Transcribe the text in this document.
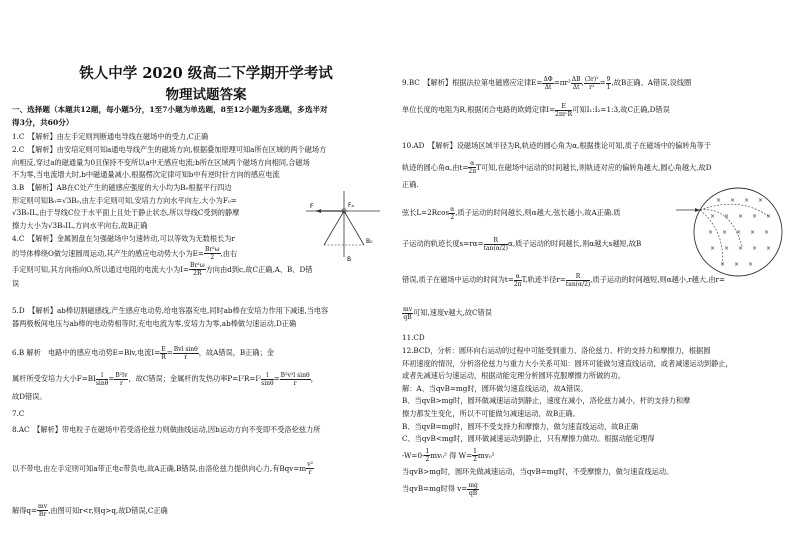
铁人中学 2020 级高二下学期开学考试
物理试题答案
一、选择题（本题共12题，每小题5分，1至7小题为单选题，8至12小题为多选题，多选半对
得3分，共60分）
1.C　【解析】由左手定则判断通电导线在磁场中的受力,C正确
2.C　【解析】由安培定则可知a通电导线产生的磁场方向,根据叠加原理可知a所在区域的两个磁场方
向相反,穿过a的磁通量为0且保持不变所以a中无感应电流;b所在区域两个磁场方向相同,合磁场
不为零,当电流增大时,b中磁通量减小,根据楞次定律可知b中有逆时针方向的感应电流
3.B　【解析】AB在C处产生的磁感应强度的大小均为B₀根据平行四边
形定则可知B₀=√3B₀,由左手定则可知,安培力方向水平向左,大小为F₀=
√3B₀IL,由于导线C位于水平面上且处于静止状态,所以导线C受到的静摩
擦力大小为√3B₀IL,方向水平向右,故B正确
F	Fₐ
B₀
B
4.C　【解析】金属圆盘在匀强磁场中匀速转动,可以等效为无数根长为r
的导体棒绕O做匀速圆周运动,其产生的感应电动势大小为$E= \frac{\text{Br²ω}}{2}$ ,由右
手定则可知,其方向指向O,所以通过电阻的电流大小为$I= \frac{\text{Br²ω}}{2R}$ 方向由d到c,故C正确,A、B、D错
误
5.D　【解析】ab棒切割磁感线,产生感应电动势,给电容器充电,同时ab棒在安培力作用下减速,当电容
器两极板间电压与ab棒的电动势相等时,充电电流为零,安培力为零,ab棒做匀速运动,D正确
6.B 解析　电路中的感应电动势E=Blv,电流$I= \frac{E}{R} = \frac{\text{Bvl sinθ}}{r}$ ，故A错误，B正确；金
属杆所受安培力大小$F=BI \frac{l}{\sin\theta} = \frac{\text{B²lv}}{r}$ ，故C错误；金属杆的发热功率$P=I^2R=I^2 \frac{l}{\sin\theta} = \frac{\text{B²v²l sinθ}}{r}$ ，
故D错误。
7.C
8.AC　【解析】带电粒子在磁场中若受洛伦兹力则做曲线运动,因b运动方向不变即不受洛伦兹力所
以不带电,由左手定则可知a带正电c带负电,故A正确,B错误,由洛伦兹力提供向心力,有$Bqv=m \frac{\text{v²}}{r}$
解得$q= \frac{mv}{Br}$ ,由图可知r<r,则q>q,故D错误,C正确
9.BC　【解析】根据法拉第电磁感应定律$E= \frac{\Delta\Phi}{\Delta t} =\pi r^2 \frac{\Delta B}{\Delta t}$ , $\frac{\text{(3r)²}}{\text{r²}} = \frac{9}{1}$ ,故B正确、A错误,设线圈
单位长度的电阻为R,根据闭合电路的欧姆定律$I= \frac{E}{2\pi r\cdot R}$ 可知I₁:I₂=1:3,故C正确,D错误
10.AD　【解析】设磁场区域半径为R,轨迹的圆心角为α,根据推论可知,质子在磁场中的偏转角等于
轨迹的圆心角α,由$t= \frac{\alpha}{2\pi}$ T可知,在磁场中运动的时间越长,则轨迹对应的偏转角越大,圆心角越大,故D
正确.
弦长$L=2Rcos \frac{\alpha}{2}$ ,质子运动的时间越长,则α越大,弦长越小,故A正确.质
子运动的轨迹长度$s=r\alpha= \frac{R}{\tan(\alpha/2)} \alpha$,质子运动的时间越长,则α越大s越短,故B
× × × ×
× × × × ×
× × × × ×
× × × × ×
× × ×
错误,质子在磁场中运动的时间为$t= \frac{\alpha}{2\pi} T$,轨迹半径$r= \frac{R}{\tan(\alpha/2)}$ ,质子运动的时间越短,则α越小,r越大,由r=
$\frac{mv}{qB}$ 可知,速度v越大,故C错误
11.CD
12.BCD，分析：圆环向右运动的过程中可能受到重力、洛伦兹力、杆的支持力和摩擦力，根据圆
环初速度的情况，分析洛伦兹力与重力大小关系可知：圆环可能做匀速直线运动，或者减速运动到静止，
或者先减速后匀速运动，根据动能定理分析圆环克服摩擦力所做的功。
解：A、当qvB=mg时，圆环做匀速直线运动，故A错误。
B、当qvB>mg时，圆环做减速运动到静止，速度在减小，洛伦兹力减小，杆的支持力和摩
擦力都发生变化，所以不可能做匀减速运动，故B正确。
B、当qvB=mg时，圆环不受支持力和摩擦力，做匀速直线运动，故B正确
C、当qvB<mg时，圆环做减速运动到静止，只有摩擦力做功。根据动能定理得
$-W=0- \frac{1}{2} mv_0^2$ 得 $W= \frac{1}{2} mv_0^2$
当qvB>mg时，圆环先做减速运动，当qvB=mg时，不受摩擦力，做匀速直线运动。
当qvB=mg时得 $v= \frac{mg}{qB}$
